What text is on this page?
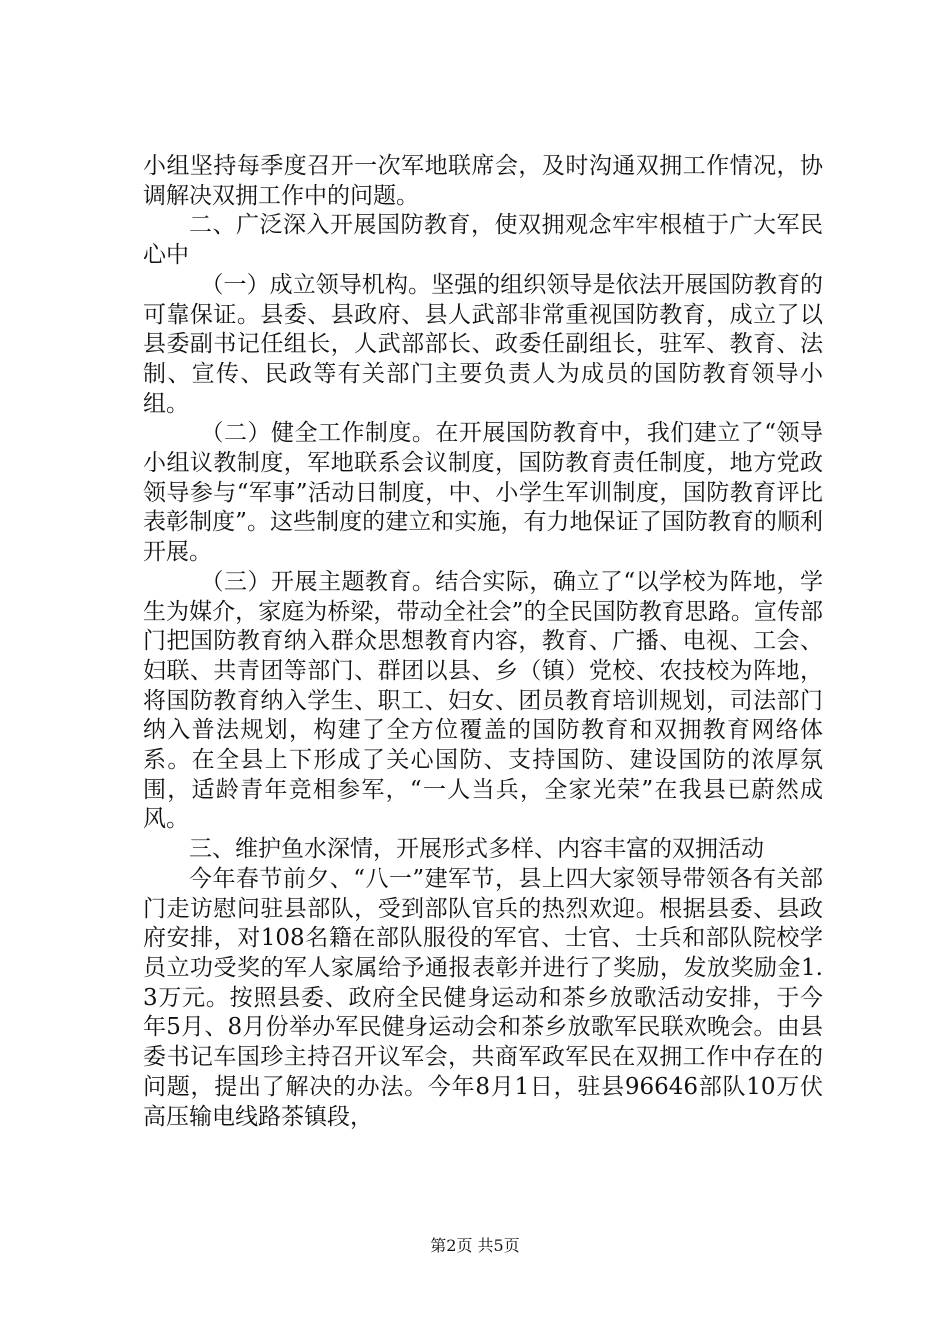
小组坚持每季度召开一次军地联席会，及时沟通双拥工作情况，协调解决双拥工作中的问题。

二、广泛深入开展国防教育，使双拥观念牢牢根植于广大军民心中

（一）成立领导机构。坚强的组织领导是依法开展国防教育的可靠保证。县委、县政府、县人武部非常重视国防教育，成立了以县委副书记任组长，人武部部长、政委任副组长，驻军、教育、法制、宣传、民政等有关部门主要负责人为成员的国防教育领导小组。

（二）健全工作制度。在开展国防教育中，我们建立了“领导小组议教制度，军地联系会议制度，国防教育责任制度，地方党政领导参与“军事”活动日制度，中、小学生军训制度，国防教育评比表彰制度”。这些制度的建立和实施，有力地保证了国防教育的顺利开展。

（三）开展主题教育。结合实际，确立了“以学校为阵地，学生为媒介，家庭为桥梁，带动全社会”的全民国防教育思路。宣传部门把国防教育纳入群众思想教育内容，教育、广播、电视、工会、妇联、共青团等部门、群团以县、乡（镇）党校、农技校为阵地，将国防教育纳入学生、职工、妇女、团员教育培训规划，司法部门纳入普法规划，构建了全方位覆盖的国防教育和双拥教育网络体系。在全县上下形成了关心国防、支持国防、建设国防的浓厚氛围，适龄青年竞相参军，“一人当兵，全家光荣”在我县已蔚然成风。

三、维护鱼水深情，开展形式多样、内容丰富的双拥活动

今年春节前夕、“八一”建军节，县上四大家领导带领各有关部门走访慰问驻县部队，受到部队官兵的热烈欢迎。根据县委、县政府安排，对108名籍在部队服役的军官、士官、士兵和部队院校学员立功受奖的军人家属给予通报表彰并进行了奖励，发放奖励金1.3万元。按照县委、政府全民健身运动和茶乡放歌活动安排，于今年5月、8月份举办军民健身运动会和茶乡放歌军民联欢晚会。由县委书记车国珍主持召开议军会，共商军政军民在双拥工作中存在的问题，提出了解决的办法。今年8月1日，驻县96646部队10万伏高压输电线路茶镇段，

第2页 共5页
